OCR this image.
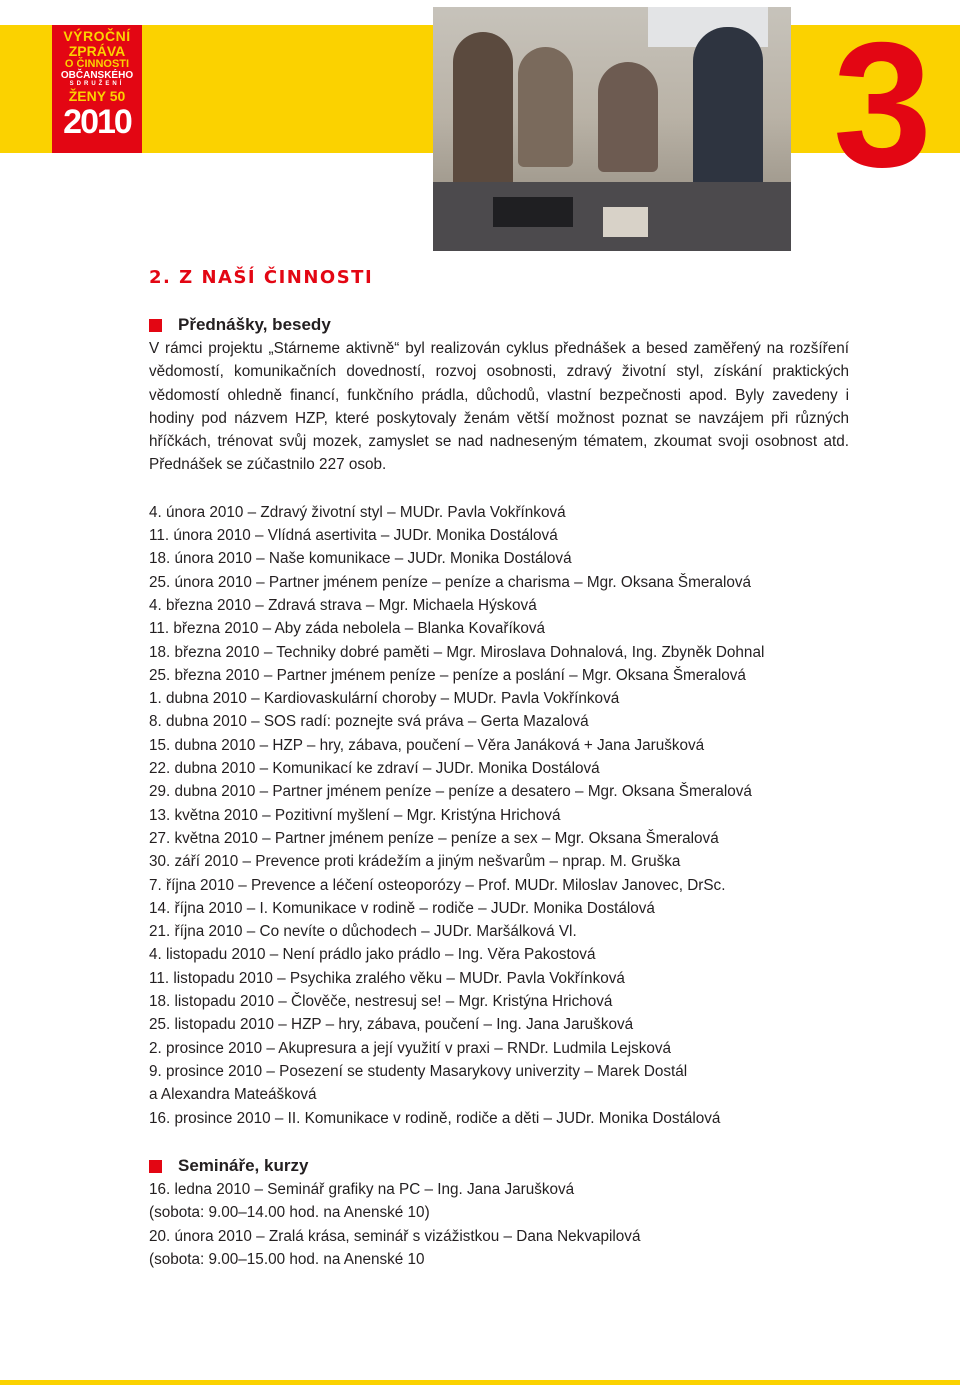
VÝROČNÍ
ZPRÁVA
O ČINNOSTI
OBČANSKÉHO
SDRUŽENÍ
ŽENY 50
2010	3
2. Z NAŠÍ ČINNOSTI
Přednášky, besedy

V rámci projektu „Stárneme aktivně“ byl realizován cyklus přednášek a besed zaměřený na rozšíření vědomostí, komunikačních dovedností, rozvoj osobnosti, zdravý životní styl, získání praktických vědomostí ohledně financí, funkčního prádla, důchodů, vlastní bezpečnosti apod. Byly zavedeny i hodiny pod názvem HZP, které poskytovaly ženám větší možnost poznat se navzájem při různých hříčkách, trénovat svůj mozek, zamyslet se nad nadneseným tématem, zkoumat svoji osobnost atd. Přednášek se zúčastnilo 227 osob.

4. února 2010 – Zdravý životní styl – MUDr. Pavla Vokřínková
11. února 2010 – Vlídná asertivita – JUDr. Monika Dostálová
18. února 2010 – Naše komunikace – JUDr. Monika Dostálová
25. února 2010 – Partner jménem peníze – peníze a charisma – Mgr. Oksana Šmeralová
4. března 2010 – Zdravá strava – Mgr. Michaela Hýsková
11. března 2010 – Aby záda nebolela – Blanka Kovaříková
18. března 2010 – Techniky dobré paměti – Mgr. Miroslava Dohnalová, Ing. Zbyněk Dohnal
25. března 2010 – Partner jménem peníze – peníze a poslání – Mgr. Oksana Šmeralová
1. dubna 2010 – Kardiovaskulární choroby – MUDr. Pavla Vokřínková
8. dubna 2010 – SOS radí: poznejte svá práva – Gerta Mazalová
15. dubna 2010 – HZP – hry, zábava, poučení – Věra Janáková + Jana Jarušková
22. dubna 2010 – Komunikací ke zdraví – JUDr. Monika Dostálová
29. dubna 2010 – Partner jménem peníze – peníze a desatero – Mgr. Oksana Šmeralová
13. května 2010 – Pozitivní myšlení – Mgr. Kristýna Hrichová
27. května 2010 – Partner jménem peníze – peníze a sex – Mgr. Oksana Šmeralová
30. září 2010 – Prevence proti krádežím a jiným nešvarům – nprap. M. Gruška
7. října 2010 – Prevence a léčení osteoporózy – Prof. MUDr. Miloslav Janovec, DrSc.
14. října 2010 – I. Komunikace v rodině – rodiče – JUDr. Monika Dostálová
21. října 2010 – Co nevíte o důchodech – JUDr. Maršálková Vl.
4. listopadu 2010 – Není prádlo jako prádlo – Ing. Věra Pakostová
11. listopadu 2010 – Psychika zralého věku – MUDr. Pavla Vokřínková
18. listopadu 2010 – Člověče, nestresuj se! – Mgr. Kristýna Hrichová
25. listopadu 2010 – HZP – hry, zábava, poučení – Ing. Jana Jarušková
2. prosince 2010 – Akupresura a její využití v praxi – RNDr. Ludmila Lejsková
9. prosince 2010 – Posezení se studenty Masarykovy univerzity – Marek Dostál
a Alexandra Mateášková
16. prosince 2010 – II. Komunikace v rodině, rodiče a děti – JUDr. Monika Dostálová
Semináře, kurzy
16. ledna 2010 – Seminář grafiky na PC – Ing. Jana Jarušková
(sobota: 9.00–14.00 hod. na Anenské 10)
20. února 2010 – Zralá krása, seminář s vizážistkou – Dana Nekvapilová
(sobota: 9.00–15.00 hod. na Anenské 10
